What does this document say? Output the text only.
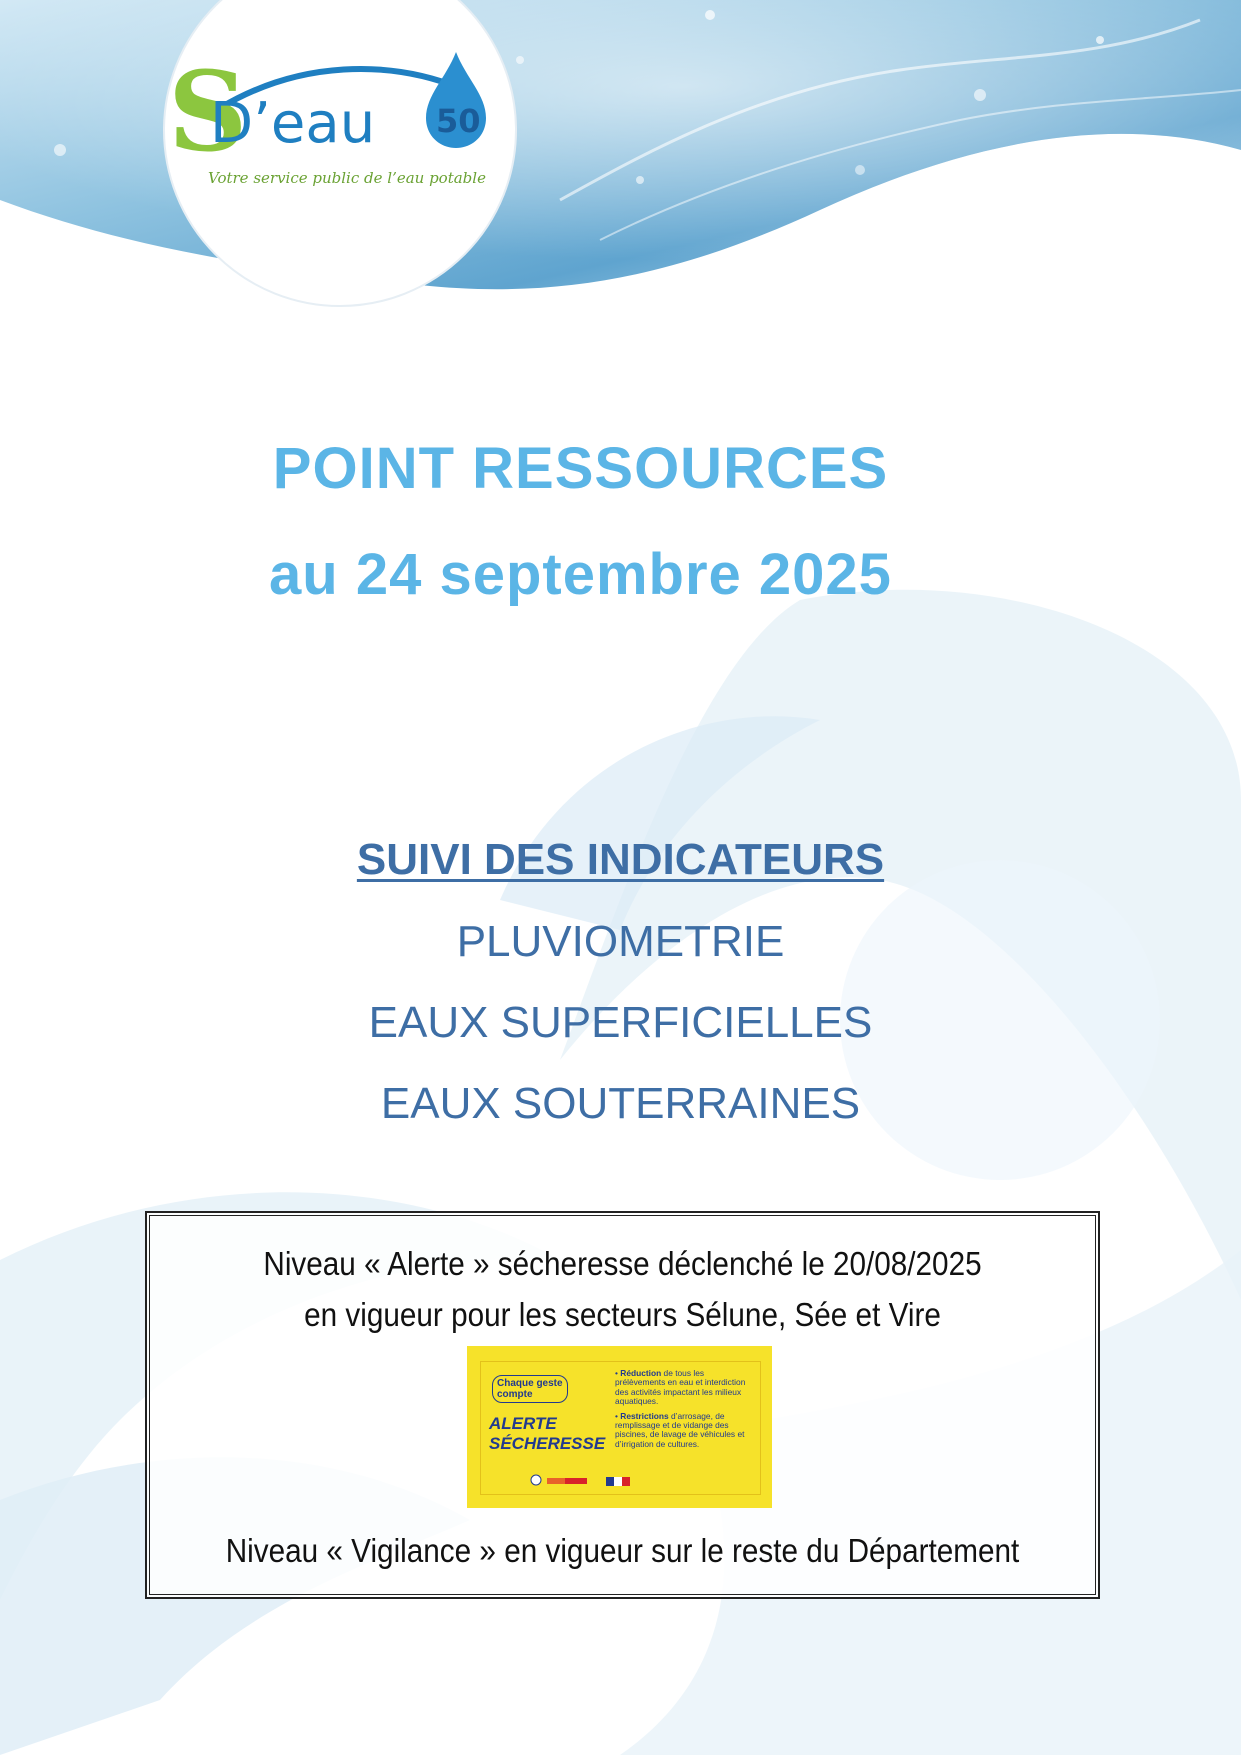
S
D’eau 50
Votre service public de l’eau potable
POINT RESSOURCES
au 24 septembre 2025
SUIVI DES INDICATEURS
PLUVIOMETRIE
EAUX SUPERFICIELLES
EAUX SOUTERRAINES
Niveau « Alerte » sécheresse déclenché le 20/08/2025
en vigueur pour les secteurs Sélune, Sée et Vire
Chaque geste compte
ALERTE
SÉCHERESSE

• Réduction de tous les prélèvements en eau et interdiction des activités impactant les milieux aquatiques.

• Restrictions d’arrosage, de remplissage et de vidange des piscines, de lavage de véhicules et d’irrigation de cultures.

Niveau « Vigilance » en vigueur sur le reste du Département
